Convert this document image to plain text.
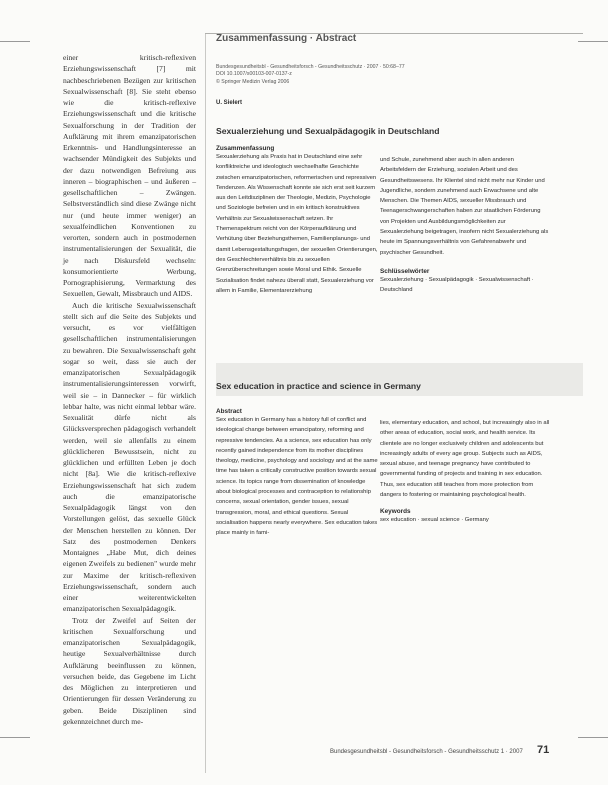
einer kritisch-reflexiven Erziehungswissenschaft [7] mit nachbeschriebenen Bezügen zur kritischen Sexualwissenschaft [8]. Sie steht ebenso wie die kritisch-reflexive Erziehungswissenschaft und die kritische Sexualforschung in der Tradition der Aufklärung mit ihrem emanzipatorischen Erkenntnis- und Handlungsinteresse an wachsender Mündigkeit des Subjekts und der dazu notwendigen Befreiung aus inneren – biographischen – und äußeren – gesellschaftlichen – Zwängen. Selbstverständlich sind diese Zwänge nicht nur (und heute immer weniger) an sexualfeindlichen Konventionen zu verorten, sondern auch in postmodernen instrumentalisierungen der Sexualität, die je nach Diskursfeld wechseln: konsumorientierte Werbung, Pornographisierung, Vermarktung des Sexuellen, Gewalt, Missbrauch und AIDS.

Auch die kritische Sexualwissenschaft stellt sich auf die Seite des Subjekts und versucht, es vor vielfältigen gesellschaftlichen instrumentalisierungen zu bewahren. Die Sexualwissenschaft geht sogar so weit, dass sie auch der emanzipatorischen Sexualpädagogik instrumentalisierungsinteressen vorwirft, weil sie – in Dannecker – für wirklich lebbar halte, was nicht einmal lebbar wäre. Sexualität dürfe nicht als Glücksversprechen pädagogisch verhandelt werden, weil sie allenfalls zu einem glücklicheren Bewusstsein, nicht zu glücklichen und erfüllten Leben je doch nicht [8a]. Wie die kritisch-reflexive Erziehungswissenschaft hat sich zudem auch die emanzipatorische Sexualpädagogik längst von den Vorstellungen gelöst, das sexuelle Glück der Menschen herstellen zu können. Der Satz des postmodernen Denkers Montaignes „Habe Mut, dich deines eigenen Zweifels zu bedienen" wurde mehr zur Maxime der kritisch-reflexiven Erziehungswissenschaft, sondern auch einer weiterentwickelten emanzipatorischen Sexualpädagogik.

Trotz der Zweifel auf Seiten der kritischen Sexualforschung und emanzipatorischen Sexualpädagogik, heutige Sexualverhältnisse durch Aufklärung beeinflussen zu können, versuchen beide, das Gegebene im Licht des Möglichen zu interpretieren und Orientierungen für dessen Veränderung zu geben. Beide Disziplinen sind gekennzeichnet durch me-

Zusammenfassung · Abstract
Bundesgesundheitsbl - Gesundheitsforsch - Gesundheitsschutz · 2007 · 50:68–77
DOI 10.1007/s00103-007-0137-z
© Springer Medizin Verlag 2006
U. Sielert
Sexualerziehung und Sexualpädagogik in Deutschland
Zusammenfassung
Sexualerziehung als Praxis hat in Deutschland eine sehr konfliktreiche und ideologisch wechselhafte Geschichte zwischen emanzipatorischen, reformerischen und repressiven Tendenzen. Als Wissenschaft konnte sie sich erst seit kurzem aus den Leitdisziplinen der Theologie, Medizin, Psychologie und Soziologie befreien und in ein kritisch konstruktives Verhältnis zur Sexualwissenschaft setzen. Ihr Themenspektrum reicht von der Körperaufklärung und Verhütung über Beziehungsthemen, Familienplanungs- und damit Lebensgestaltungsfragen, der sexuellen Orientierungen, des Geschlechterverhältnis bis zu sexuellen Grenzüberschreitungen sowie Moral und Ethik. Sexuelle Sozialisation findet nahezu überall statt, Sexualerziehung vor allem in Familie, Elementarerziehung
und Schule, zunehmend aber auch in allen anderen Arbeitsfeldern der Erziehung, sozialen Arbeit und des Gesundheitswesens. Ihr Klientel sind nicht mehr nur Kinder und Jugendliche, sondern zunehmend auch Erwachsene und alte Menschen. Die Themen AIDS, sexueller Missbrauch und Teenagerschwangerschaften haben zur staatlichen Förderung von Projekten und Ausbildungsmöglichkeiten zur Sexualerziehung beigetragen, insofern nicht Sexualerziehung als heute im Spannungsverhältnis von Gefahrenabwehr und psychischer Gesundheit.
Schlüsselwörter
Sexualerziehung · Sexualpädagogik · Sexualwissenschaft · Deutschland
Sex education in practice and science in Germany
Abstract
Sex education in Germany has a history full of conflict and ideological change between emancipatory, reforming and repressive tendencies. As a science, sex education has only recently gained independence from its mother disciplines theology, medicine, psychology and sociology and at the same time has taken a critically constructive position towards sexual science. Its topics range from dissemination of knowledge about biological processes and contraception to relationship concerns, sexual orientation, gender issues, sexual transgression, moral, and ethical questions. Sexual socialisation happens nearly everywhere. Sex education takes place mainly in fami-
lies, elementary education, and school, but increasingly also in all other areas of education, social work, and health service. Its clientele are no longer exclusively children and adolescents but increasingly adults of every age group. Subjects such as AIDS, sexual abuse, and teenage pregnancy have contributed to governmental funding of projects and training in sex education. Thus, sex education still teaches from more protection from dangers to fostering or maintaining psychological health.
Keywords
sex education · sexual science · Germany
Bundesgesundheitsbl - Gesundheitsforsch - Gesundheitsschutz 1 · 2007 71
